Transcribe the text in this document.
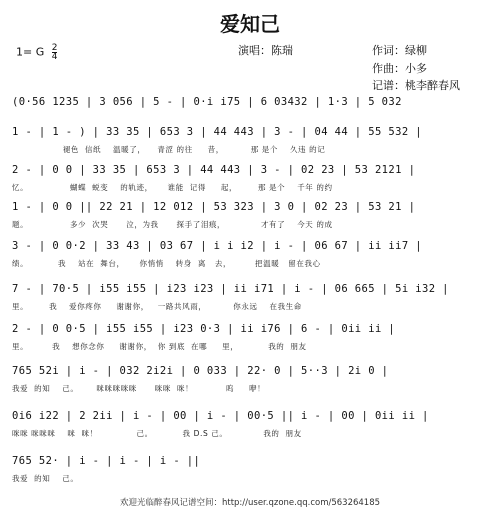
爱知己
演唱：陈瑞	作词：绿柳
作曲：小多
记谱：桃李醉春风
1= G $\frac{2}{4}$
(0·56 1235 | 3 056 | 5 - | 0·i i75 | 6 03432 | 1·3 | 5 032
1 - | 1 - ) | 33 35 | 653 3 | 44 443 | 3 - | 04 44 | 55 532 |
褪色  信纸    温暖了，    青涩 的往     昔，         那 是个    久违 的记
2 - | 0 0 | 33 35 | 653 3 | 44 443 | 3 - | 02 23 | 53 2121 |
忆。              蝴蝶  蜕变    的轨迹，     谁能  记得     起，       那 是个    千年 的约
1 - | 0 0 || 22 21 | 12 012 | 53 323 | 3 0 | 02 23 | 53 21 |
题。              多少  次哭      泣，为我      探手了泪痕，            才有了    今天 的成
3 - | 0 0·2 | 33 43 | 03 67 | i i i2 | i - | 06 67 | ii ii7 |
绩。          我    站在  舞台，     你悄悄    转身  离   去，        把温暖   留在我心
7 - | 70·5 | i55 i55 | i23 i23 | ii i71 | i - | 06 665 | 5i i32 |
里。       我    爱你疼你     谢谢你，   一路共风雨，         你永远    在我生命
2 - | 0 0·5 | i55 i55 | i23 0·3 | ii i76 | 6 - | 0ii ii |
里。        我    想你念你     谢谢你，  你 到底  在哪     里，          我的  朋友
765 52i | i - | 032 2i2i | 0 033 | 22· 0 | 5··3 | 2i 0 |
我爱  的知    己。      咪咪咪咪咪      咪咪  咪！           呜     咿！
0i6 i22 | 2 2ii | i - | 00 | i - | 00·5 || i - | 00 | 0ii ii |
咪咪 咪咪咪    咪  咪！             己。          我 D.S 己。            我的  朋友
765 52· | i - | i - | i - ||
我爱  的知    己。
欢迎光临醉春风记谱空间：http://user.qzone.qq.com/563264185
